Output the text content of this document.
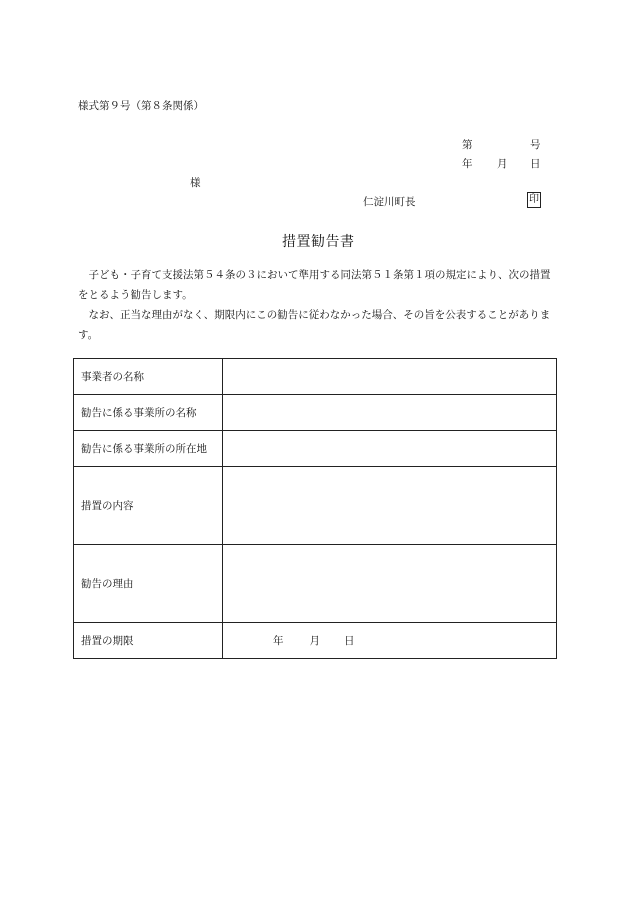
様式第９号（第８条関係）
第	号
年 月 日
様
仁淀川町長	印
措置勧告書
　子ども・子育て支援法第５４条の３において準用する同法第５１条第１項の規定により、次の措置をとるよう勧告します。
　なお、正当な理由がなく、期限内にこの勧告に従わなかった場合、その旨を公表することがあります。
事業者の名称	
勧告に係る事業所の名称	
勧告に係る事業所の所在地	
措置の内容	
勧告の理由	
措置の期限	年 月 日
